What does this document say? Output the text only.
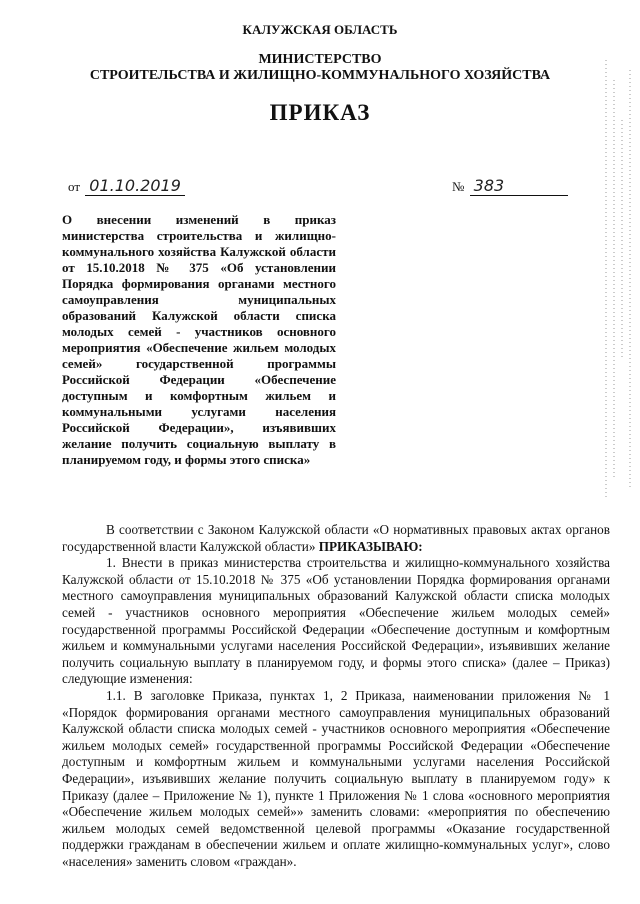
КАЛУЖСКАЯ ОБЛАСТЬ
МИНИСТЕРСТВО
СТРОИТЕЛЬСТВА И ЖИЛИЩНО-КОММУНАЛЬНОГО ХОЗЯЙСТВА
ПРИКАЗ
от 01.10.2019	№ 383
О внесении изменений в приказ министерства строительства и жилищно-коммунального хозяйства Калужской области от 15.10.2018 № 375 «Об установлении Порядка формирования органами местного самоуправления муниципальных образований Калужской области списка молодых семей - участников основного мероприятия «Обеспечение жильем молодых семей» государственной программы Российской Федерации «Обеспечение доступным и комфортным жильем и коммунальными услугами населения Российской Федерации», изъявивших желание получить социальную выплату в планируемом году, и формы этого списка»

В соответствии с Законом Калужской области «О нормативных правовых актах органов государственной власти Калужской области» ПРИКАЗЫВАЮ:

1. Внести в приказ министерства строительства и жилищно-коммунального хозяйства Калужской области от 15.10.2018 № 375 «Об установлении Порядка формирования органами местного самоуправления муниципальных образований Калужской области списка молодых семей - участников основного мероприятия «Обеспечение жильем молодых семей» государственной программы Российской Федерации «Обеспечение доступным и комфортным жильем и коммунальными услугами населения Российской Федерации», изъявивших желание получить социальную выплату в планируемом году, и формы этого списка» (далее – Приказ) следующие изменения:

1.1. В заголовке Приказа, пунктах 1, 2 Приказа, наименовании приложения № 1 «Порядок формирования органами местного самоуправления муниципальных образований Калужской области списка молодых семей - участников основного мероприятия «Обеспечение жильем молодых семей» государственной программы Российской Федерации «Обеспечение доступным и комфортным жильем и коммунальными услугами населения Российской Федерации», изъявивших желание получить социальную выплату в планируемом году» к Приказу (далее – Приложение № 1), пункте 1 Приложения № 1 слова «основного мероприятия «Обеспечение жильем молодых семей»» заменить словами: «мероприятия по обеспечению жильем молодых семей ведомственной целевой программы «Оказание государственной поддержки гражданам в обеспечении жильем и оплате жилищно-коммунальных услуг», слово «населения» заменить словом «граждан».
